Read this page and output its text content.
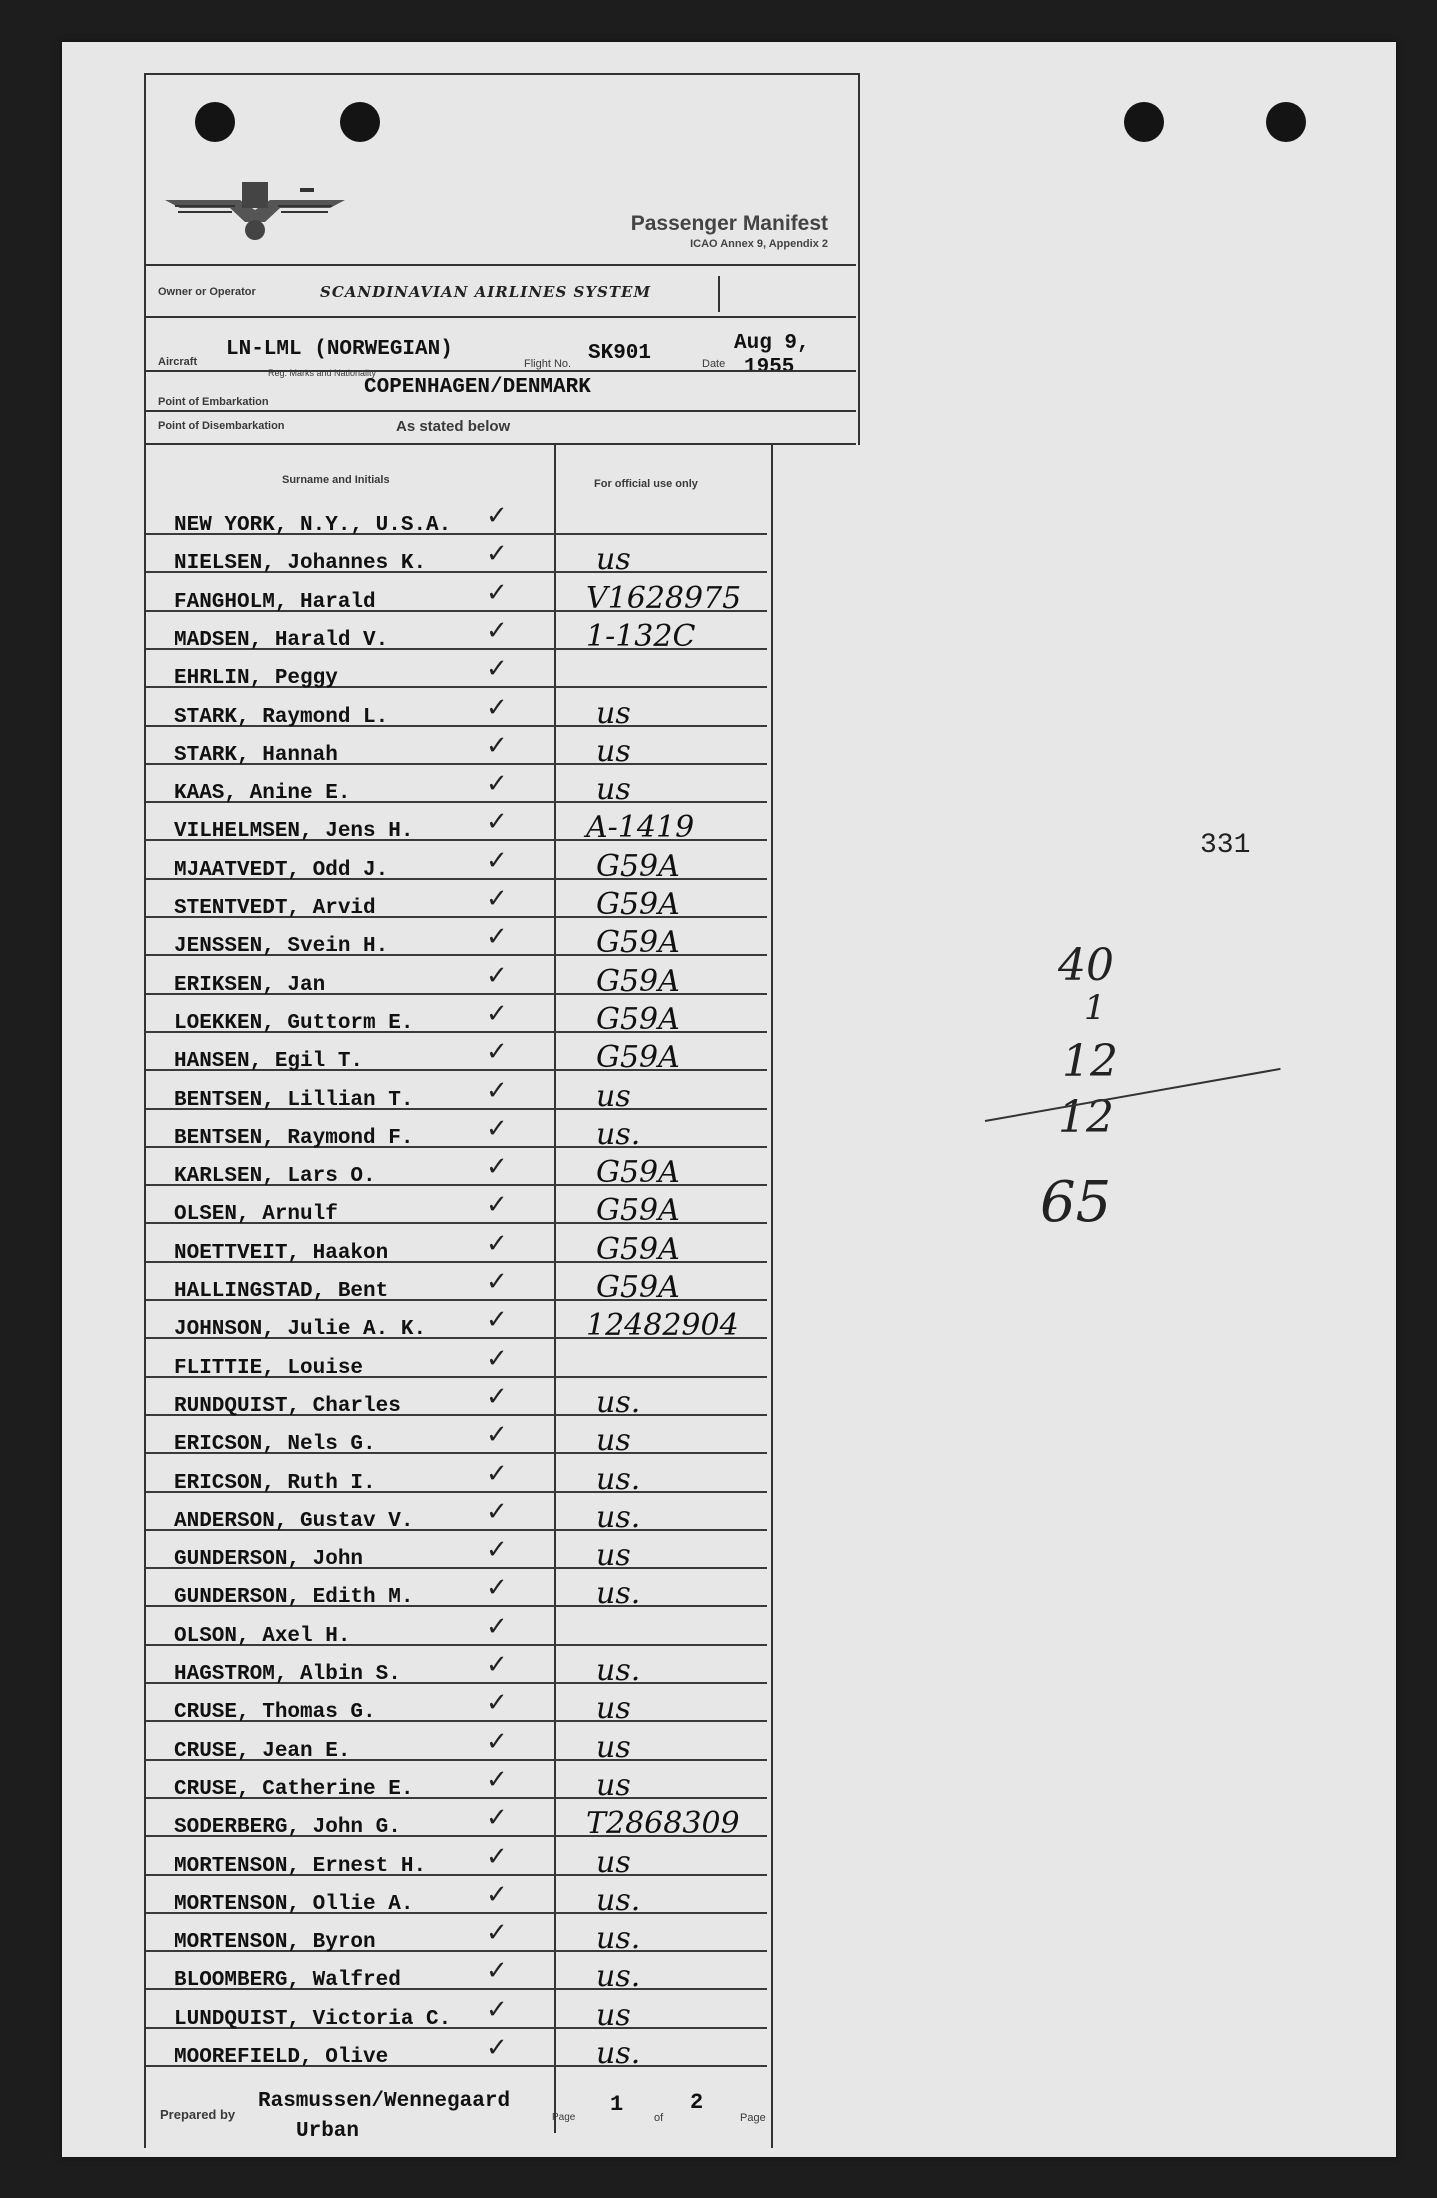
Passenger Manifest
ICAO Annex 9, Appendix 2
Owner or Operator	SCANDINAVIAN AIRLINES SYSTEM
Aircraft
LN-LML (NORWEGIAN)
Reg. Marks and Nationality
Flight No. SK901	Date
Aug 9,
1955
Point of Embarkation
COPENHAGEN/DENMARK
Point of Disembarkation	As stated below
Surname and Initials	For official use only
NEW YORK, N.Y., U.S.A. ✓
NIELSEN, Johannes K. ✓	us
FANGHOLM, Harald	✓	V1628975
MADSEN, Harald V.	✓	1-132C
EHRLIN, Peggy	✓
STARK, Raymond L.	✓	us
STARK, Hannah	✓	us
KAAS, Anine E.	✓	us
VILHELMSEN, Jens H.	✓	A-1419
MJAATVEDT, Odd J.	✓	G59A
STENTVEDT, Arvid	✓	G59A
JENSSEN, Svein H.	✓	G59A
ERIKSEN, Jan	✓	G59A
LOEKKEN, Guttorm E.	✓	G59A
HANSEN, Egil T.	✓	G59A
BENTSEN, Lillian T.	✓	us
BENTSEN, Raymond F.	✓	us.
KARLSEN, Lars O.	✓	G59A
OLSEN, Arnulf	✓	G59A
NOETTVEIT, Haakon	✓	G59A
HALLINGSTAD, Bent	✓	G59A
JOHNSON, Julie A. K. ✓	12482904
FLITTIE, Louise	✓
RUNDQUIST, Charles	✓	us.
ERICSON, Nels G.	✓	us
ERICSON, Ruth I.	✓	us.
ANDERSON, Gustav V.	✓	us.
GUNDERSON, John	✓	us
GUNDERSON, Edith M.	✓	us.
OLSON, Axel H.	✓
HAGSTROM, Albin S.	✓	us.
CRUSE, Thomas G.	✓	us
CRUSE, Jean E.	✓	us
CRUSE, Catherine E.	✓	us
SODERBERG, John G.	✓	T2868309
MORTENSON, Ernest H. ✓	us
MORTENSON, Ollie A.	✓	us.
MORTENSON, Byron	✓	us.
BLOOMBERG, Walfred	✓	us.
LUNDQUIST, Victoria C. ✓	us
MOOREFIELD, Olive	✓	us.
331
40
1
12
12
65
Prepared by
Rasmussen/Wennegaard
Urban
Page
1
of
2
Page
